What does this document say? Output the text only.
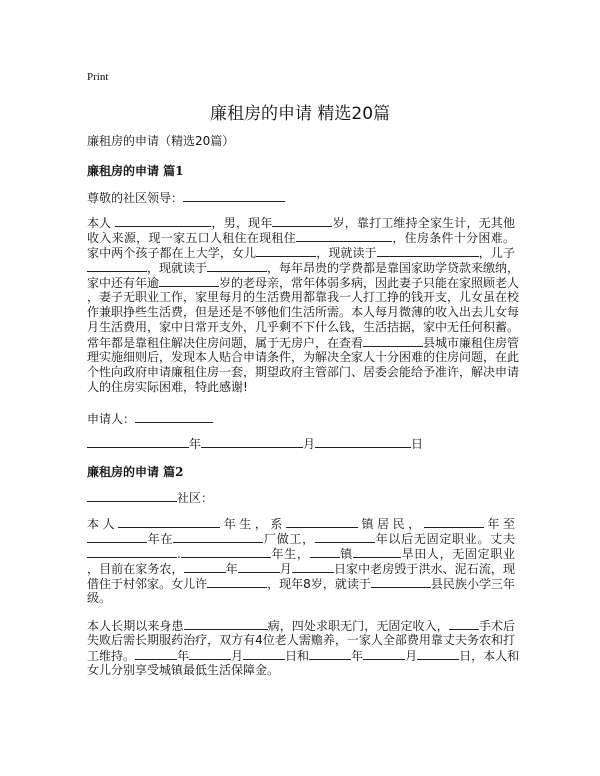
Print
廉租房的申请 精选20篇
廉租房的申请（精选20篇）
廉租房的申请 篇1
尊敬的社区领导：
本人	，男，现年	岁，靠打工维持全家生计，无其他
收入来源，现一家五口人租住在现租住	，住房条件十分困难。
家中两个孩子都在上大学，女儿	，现就读于	，儿子
，现就读于	，每年昂贵的学费都是靠国家助学贷款来缴纳，
家中还有年逾	岁的老母亲，常年体弱多病，因此妻子只能在家照顾老人
，妻子无职业工作，家里每月的生活费用都靠我一人打工挣的钱开支，儿女虽在校
作兼职挣些生活费，但是还是不够他们生活所需。本人每月微薄的收入出去儿女每
月生活费用，家中日常开支外，几乎剩不下什么钱，生活拮据，家中无任何积蓄。
常年都是靠租住解决住房问题，属于无房户，在查看	县城市廉租住房管
理实施细则后，发现本人贴合申请条件，为解决全家人十分困难的住房问题，在此
个性向政府申请廉租住房一套，期望政府主管部门、居委会能给予准许，解决申请
人的住房实际困难，特此感谢!
申请人：
年	月	日
廉租房的申请 篇2
社区：
本人	年生，系	镇居民，	年至
年在	厂做工，	年以后无固定职业。丈夫
.	年生，	镇	旱田人，无固定职业
，目前在家务农，	年	月	日家中老房毁于洪水、泥石流，现
借住于村邻家。女儿许	，现年8岁，就读于	县民族小学三年
级。
本人长期以来身患	病，四处求职无门，无固定收入，	手术后
失败后需长期服药治疗，双方有4位老人需赡养，一家人全部费用靠丈夫务农和打
工维持。	年	月	日和	年	月	日，本人和
女儿分别享受城镇最低生活保障金。
